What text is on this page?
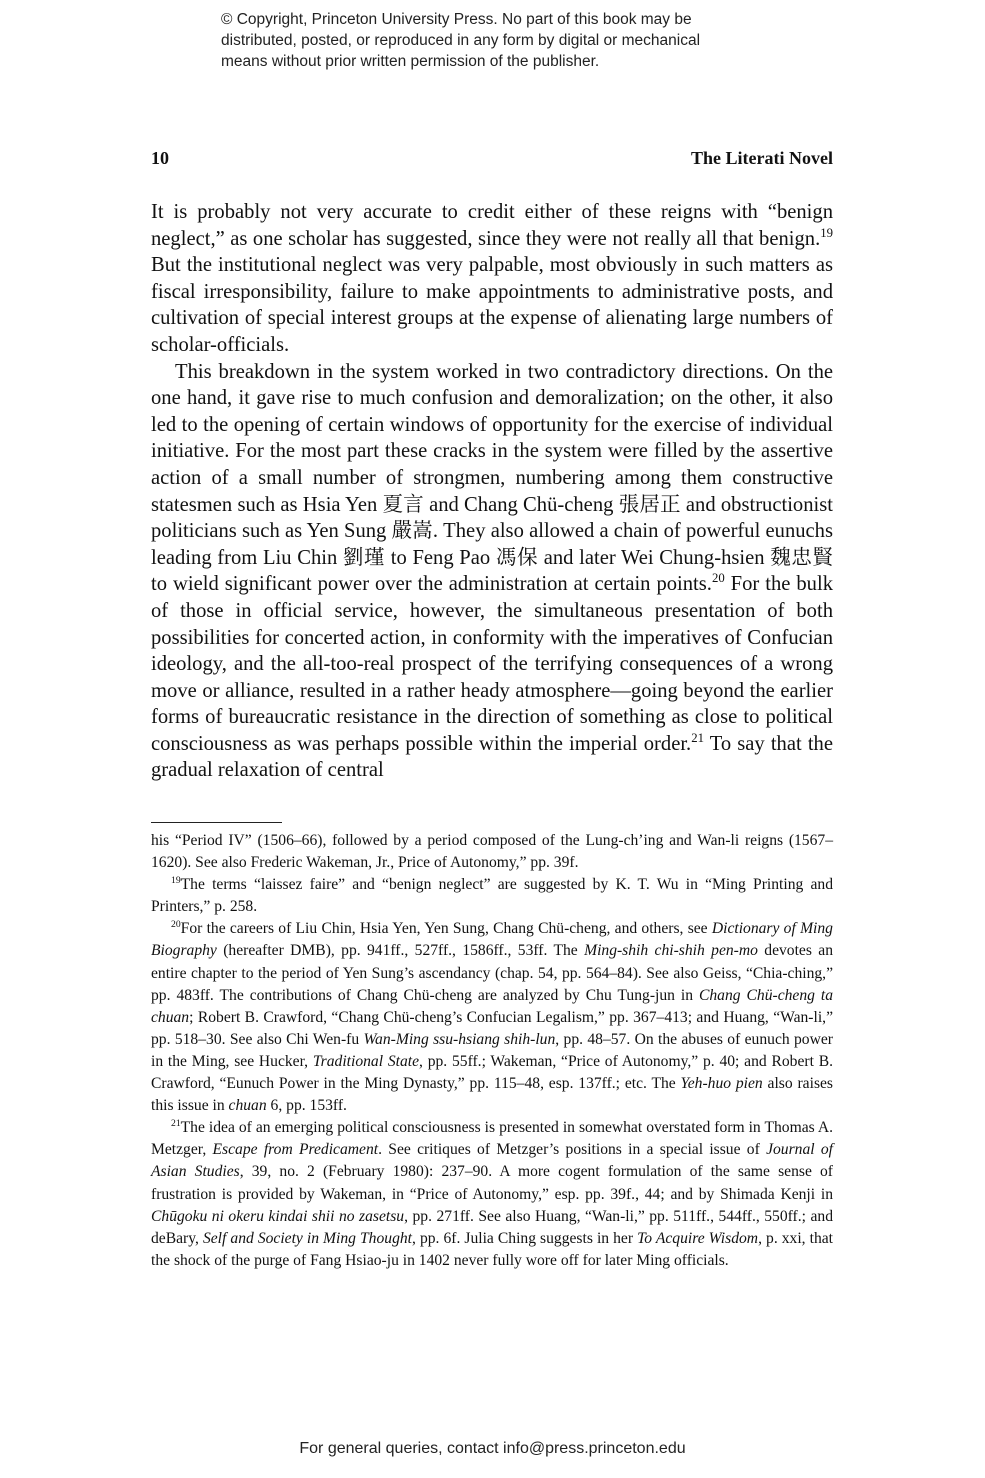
© Copyright, Princeton University Press. No part of this book may be
distributed, posted, or reproduced in any form by digital or mechanical
means without prior written permission of the publisher.
10	The Literati Novel

It is probably not very accurate to credit either of these reigns with “benign neglect,” as one scholar has suggested, since they were not really all that benign.$^{19}$ But the institutional neglect was very palpable, most obviously in such matters as fiscal irresponsibility, failure to make appointments to administrative posts, and cultivation of special interest groups at the expense of alienating large numbers of scholar-officials.

This breakdown in the system worked in two contradictory directions. On the one hand, it gave rise to much confusion and demoralization; on the other, it also led to the opening of certain windows of opportunity for the exercise of individual initiative. For the most part these cracks in the system were filled by the assertive action of a small number of strongmen, numbering among them constructive statesmen such as Hsia Yen 夏言 and Chang Chü-cheng 張居正 and obstructionist politicians such as Yen Sung 嚴嵩. They also allowed a chain of powerful eunuchs leading from Liu Chin 劉瑾 to Feng Pao 馮保 and later Wei Chung-hsien 魏忠賢 to wield significant power over the administration at certain points.$^{20}$ For the bulk of those in official service, however, the simultaneous presentation of both possibilities for concerted action, in conformity with the imperatives of Confucian ideology, and the all-too-real prospect of the terrifying consequences of a wrong move or alliance, resulted in a rather heady atmosphere—going beyond the earlier forms of bureaucratic resistance in the direction of something as close to political consciousness as was perhaps possible within the imperial order.$^{21}$ To say that the gradual relaxation of central

his “Period IV” (1506–66), followed by a period composed of the Lung-ch’ing and Wan-li reigns (1567–1620). See also Frederic Wakeman, Jr., Price of Autonomy,” pp. 39f.

$^{19}$The terms “laissez faire” and “benign neglect” are suggested by K. T. Wu in “Ming Printing and Printers,” p. 258.

$^{20}$For the careers of Liu Chin, Hsia Yen, Yen Sung, Chang Chü-cheng, and others, see Dictionary of Ming Biography (hereafter DMB), pp. 941ff., 527ff., 1586ff., 53ff. The Ming-shih chi-shih pen-mo devotes an entire chapter to the period of Yen Sung’s ascendancy (chap. 54, pp. 564–84). See also Geiss, “Chia-ching,” pp. 483ff. The contributions of Chang Chü-cheng are analyzed by Chu Tung-jun in Chang Chü-cheng ta chuan; Robert B. Crawford, “Chang Chü-cheng’s Confucian Legalism,” pp. 367–413; and Huang, “Wan-li,” pp. 518–30. See also Chi Wen-fu Wan-Ming ssu-hsiang shih-lun, pp. 48–57. On the abuses of eunuch power in the Ming, see Hucker, Traditional State, pp. 55ff.; Wakeman, “Price of Autonomy,” p. 40; and Robert B. Crawford, “Eunuch Power in the Ming Dynasty,” pp. 115–48, esp. 137ff.; etc. The Yeh-huo pien also raises this issue in chuan 6, pp. 153ff.

$^{21}$The idea of an emerging political consciousness is presented in somewhat overstated form in Thomas A. Metzger, Escape from Predicament. See critiques of Metzger’s positions in a special issue of Journal of Asian Studies, 39, no. 2 (February 1980): 237–90. A more cogent formulation of the same sense of frustration is provided by Wakeman, in “Price of Autonomy,” esp. pp. 39f., 44; and by Shimada Kenji in Chūgoku ni okeru kindai shii no zasetsu, pp. 271ff. See also Huang, “Wan-li,” pp. 511ff., 544ff., 550ff.; and deBary, Self and Society in Ming Thought, pp. 6f. Julia Ching suggests in her To Acquire Wisdom, p. xxi, that the shock of the purge of Fang Hsiao-ju in 1402 never fully wore off for later Ming officials.

For general queries, contact info@press.princeton.edu
